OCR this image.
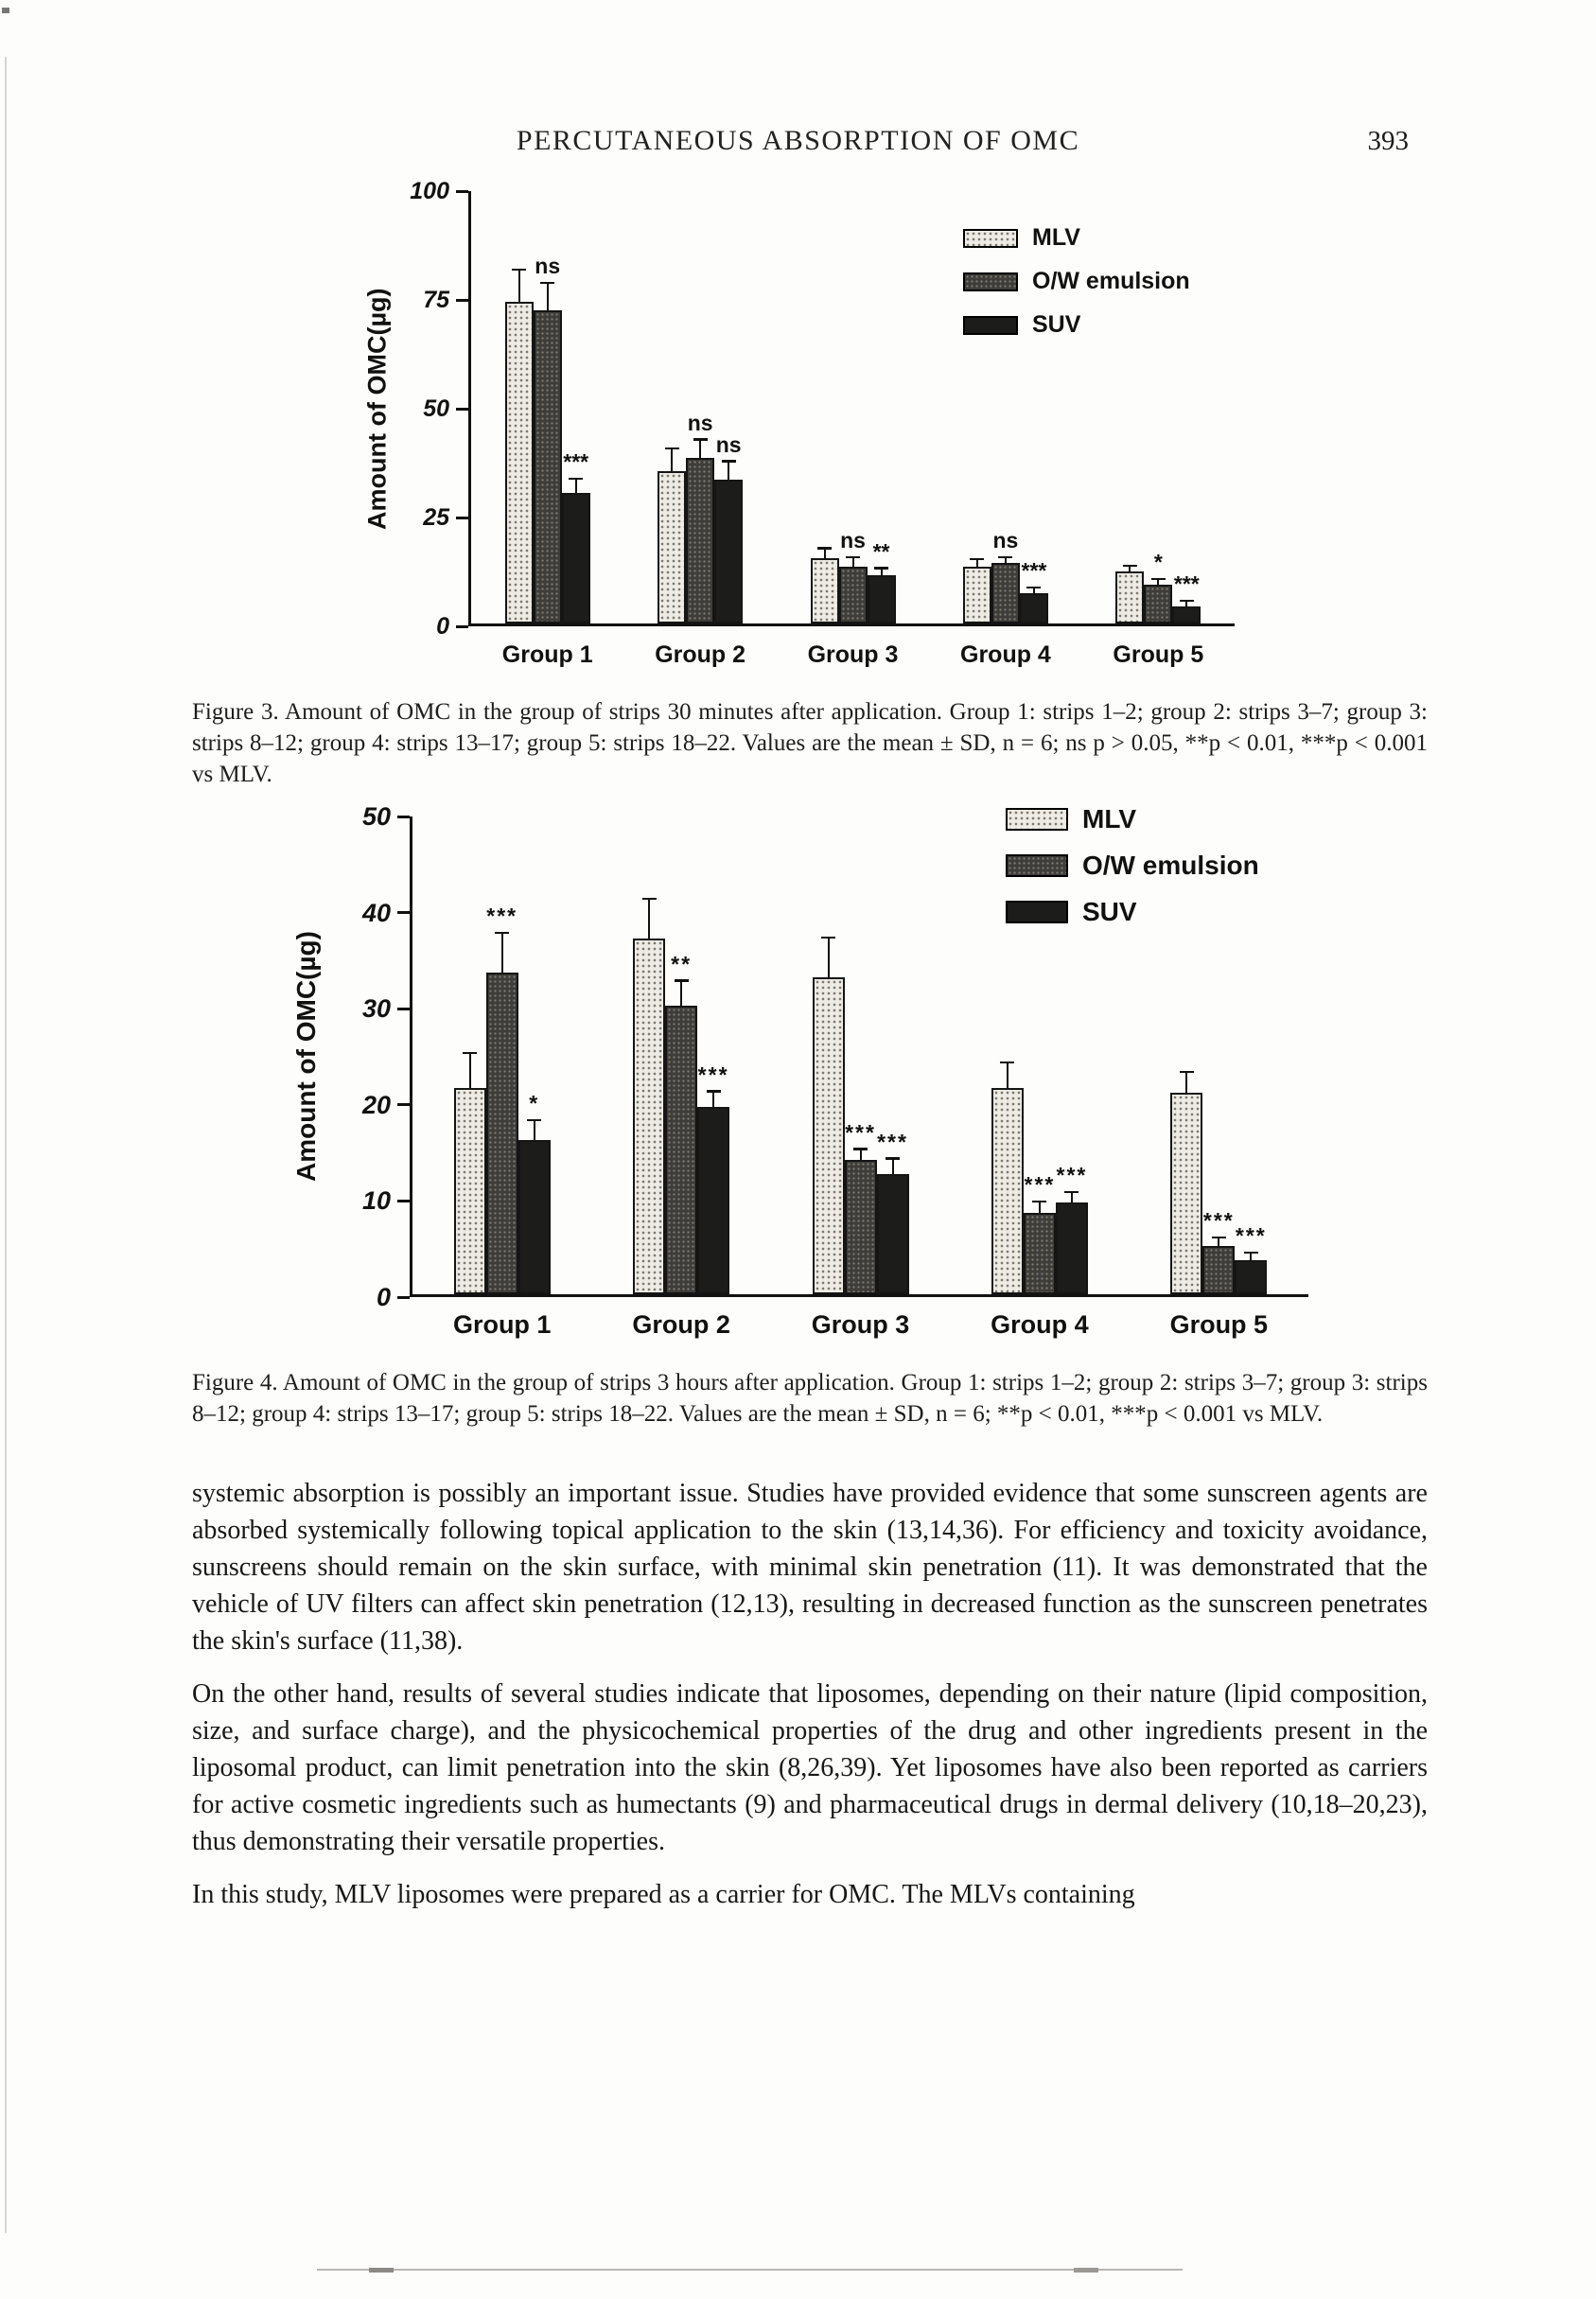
PERCUTANEOUS ABSORPTION OF OMC	393
Amount of OMC(µg)
0
25
50
75
100
ns
***
Group 1
ns
ns
Group 2
ns **
Group 3
ns
***
Group 4
*
***
Group 5
MLV
O/W emulsion
SUV

Figure 3. Amount of OMC in the group of strips 30 minutes after application. Group 1: strips 1–2; group 2: strips 3–7; group 3: strips 8–12; group 4: strips 13–17; group 5: strips 18–22. Values are the mean ± SD, n = 6; ns p > 0.05, **p < 0.01, ***p < 0.001 vs MLV.

Amount of OMC(µg)
0
10
20
30
40
50
***
*
Group 1
**
***
Group 2
*** ***
Group 3
*** ***
Group 4
***
***
Group 5
MLV
O/W emulsion
SUV

Figure 4. Amount of OMC in the group of strips 3 hours after application. Group 1: strips 1–2; group 2: strips 3–7; group 3: strips 8–12; group 4: strips 13–17; group 5: strips 18–22. Values are the mean ± SD, n = 6; **p < 0.01, ***p < 0.001 vs MLV.

systemic absorption is possibly an important issue. Studies have provided evidence that some sunscreen agents are absorbed systemically following topical application to the skin (13,14,36). For efficiency and toxicity avoidance, sunscreens should remain on the skin surface, with minimal skin penetration (11). It was demonstrated that the vehicle of UV filters can affect skin penetration (12,13), resulting in decreased function as the sunscreen penetrates the skin's surface (11,38).

On the other hand, results of several studies indicate that liposomes, depending on their nature (lipid composition, size, and surface charge), and the physicochemical properties of the drug and other ingredients present in the liposomal product, can limit penetration into the skin (8,26,39). Yet liposomes have also been reported as carriers for active cosmetic ingredients such as humectants (9) and pharmaceutical drugs in dermal delivery (10,18–20,23), thus demonstrating their versatile properties.

In this study, MLV liposomes were prepared as a carrier for OMC. The MLVs containing
